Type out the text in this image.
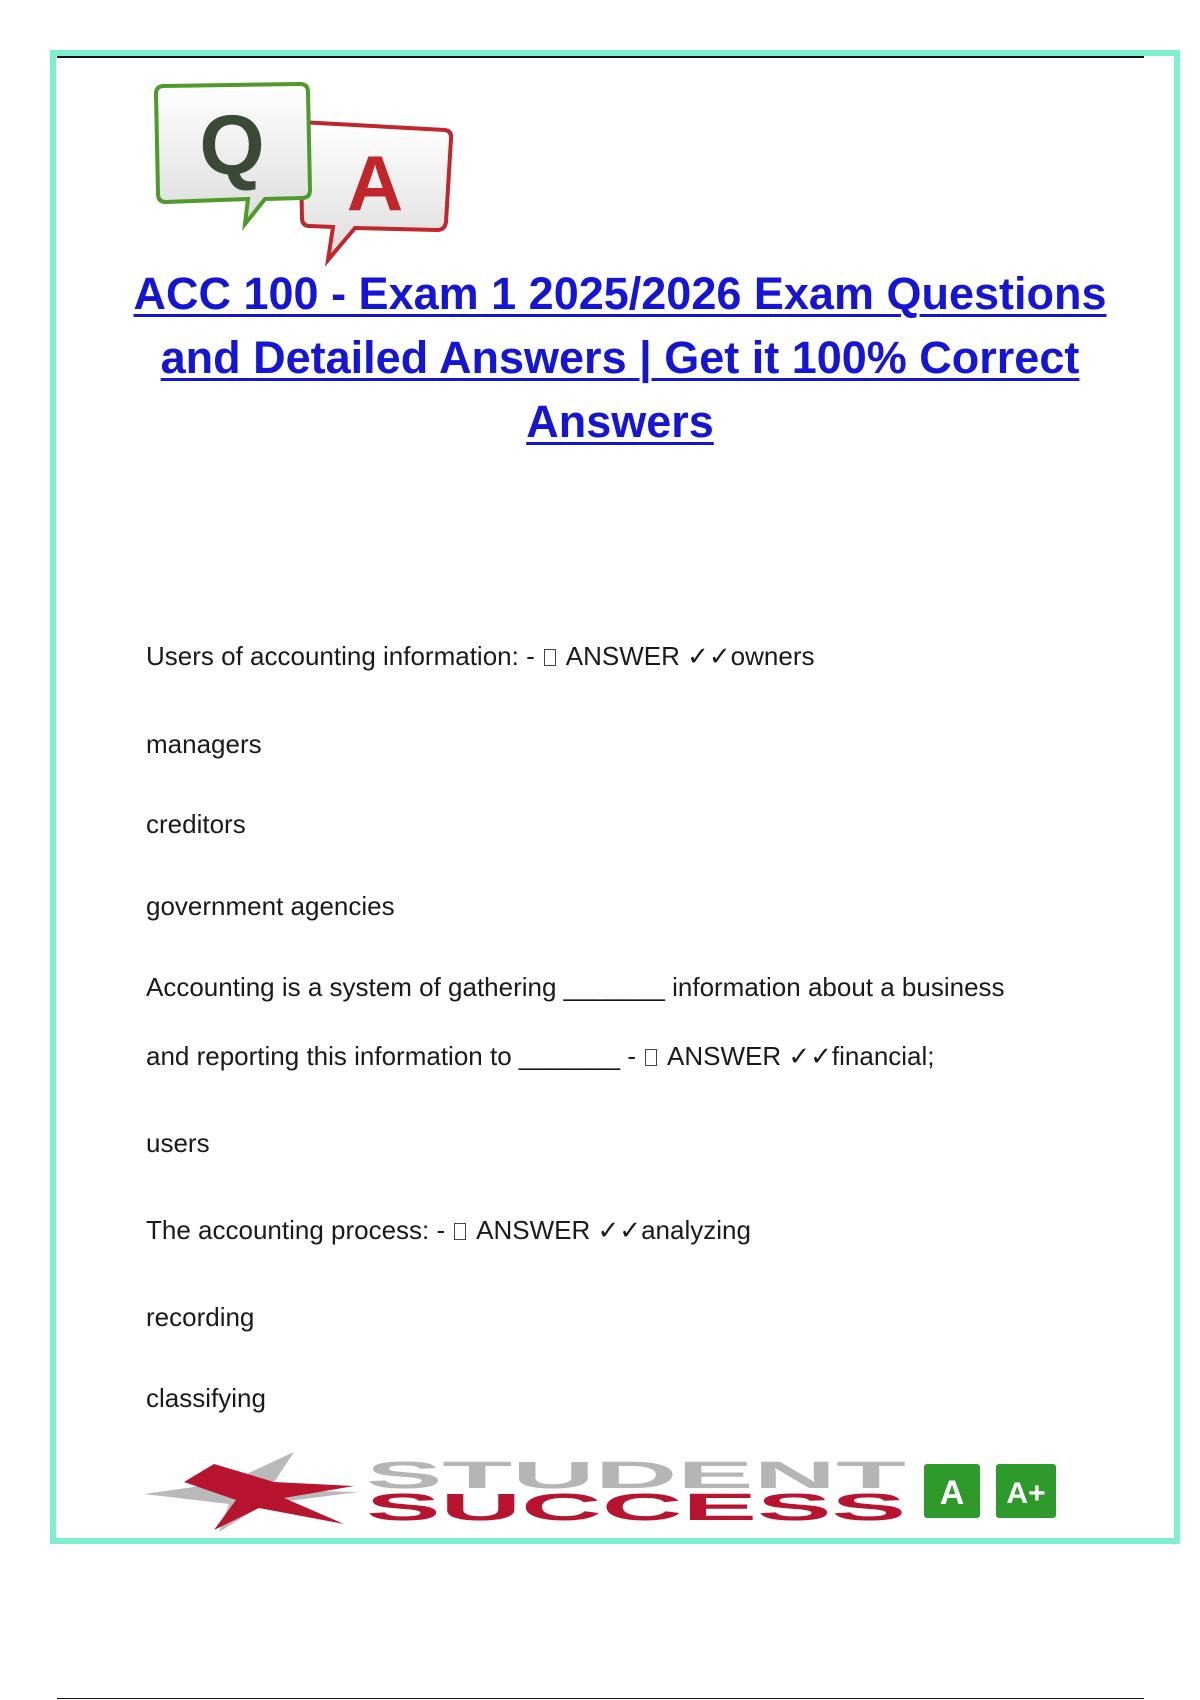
A
Q
ACC 100 - Exam 1 2025/2026 Exam Questions and Detailed Answers | Get it 100% Correct Answers

Users of accounting information: -  ANSWER ✓✓owners

managers

creditors

government agencies

Accounting is a system of gathering _______ information about a business

and reporting this information to _______ -  ANSWER ✓✓financial;

users

The accounting process: -  ANSWER ✓✓analyzing

recording

classifying

STUDENT
SUCCESS A A+
